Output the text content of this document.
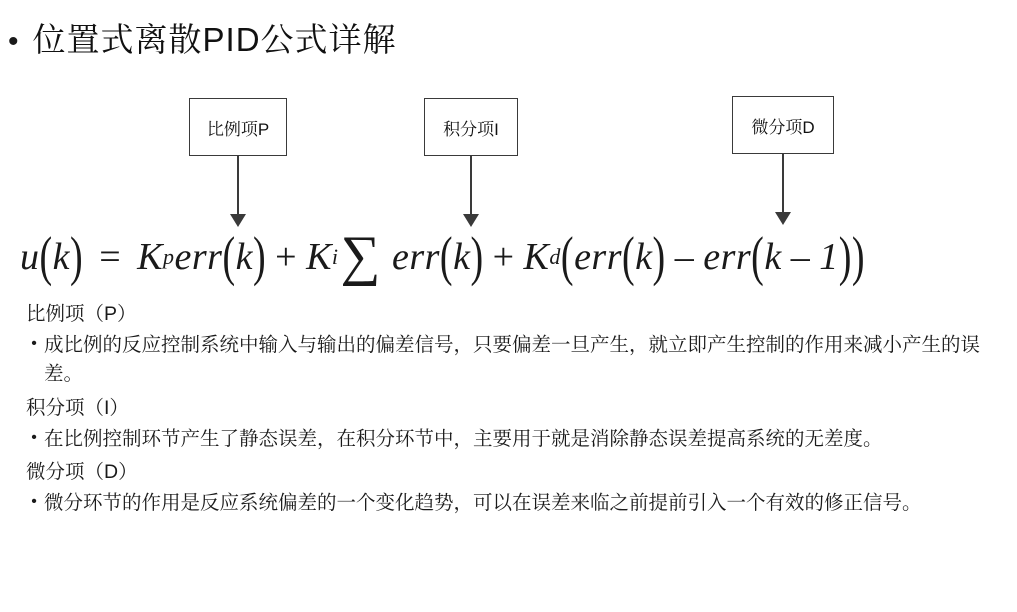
• 位置式离散PID公式详解
比例项P	积分项I	微分项D
u ( k ) = K p err ( k ) + K i ∑ err ( k ) + K d ( err ( k ) – err ( k – 1 ) )

比例项（P）

• 成比例的反应控制系统中输入与输出的偏差信号，只要偏差一旦产生，就立即产生控制的作用来减小产生的误差。

积分项（I）

• 在比例控制环节产生了静态误差，在积分环节中，主要用于就是消除静态误差提高系统的无差度。

微分项（D）

• 微分环节的作用是反应系统偏差的一个变化趋势，可以在误差来临之前提前引入一个有效的修正信号。
